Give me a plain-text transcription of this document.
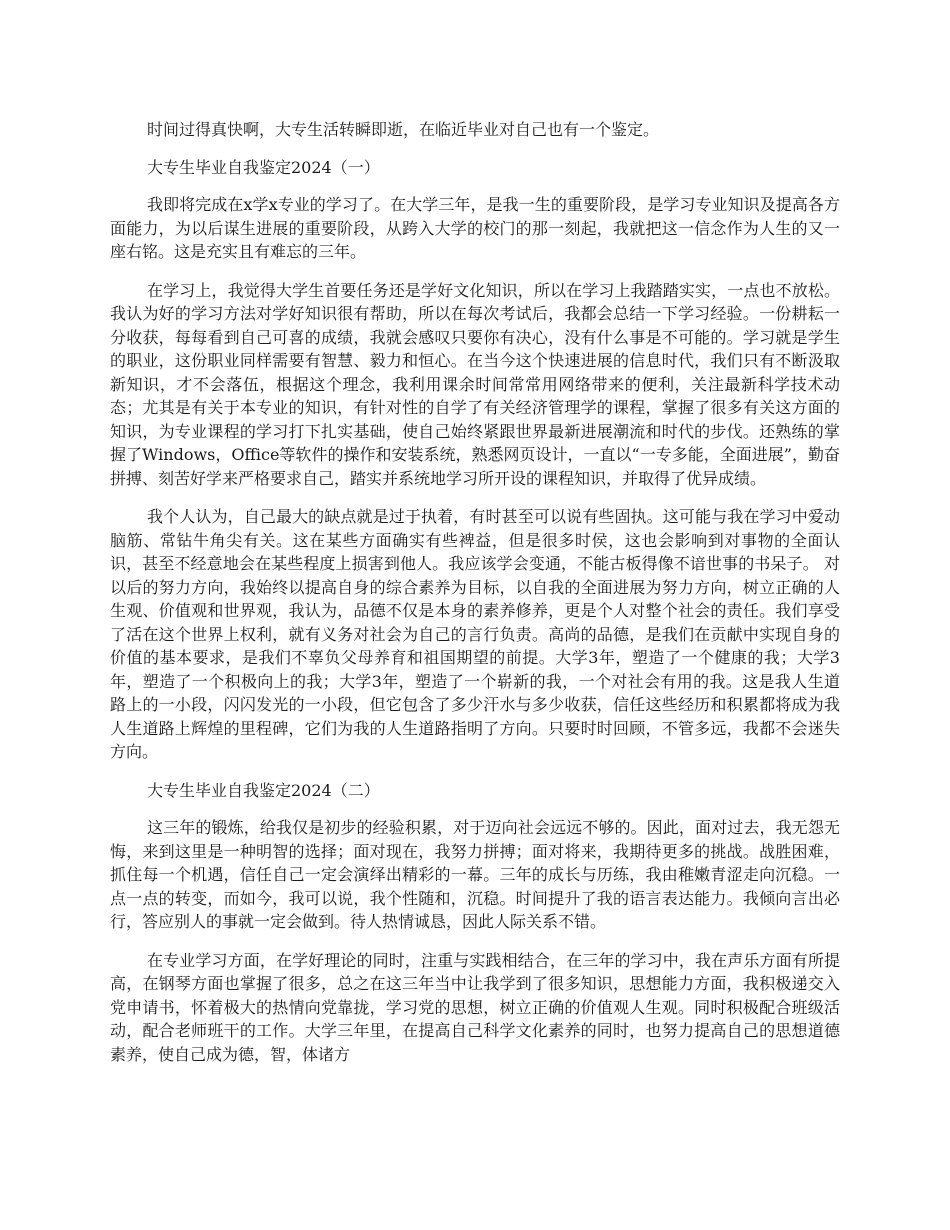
时间过得真快啊，大专生活转瞬即逝，在临近毕业对自己也有一个鉴定。

大专生毕业自我鉴定2024（一）

我即将完成在x学x专业的学习了。在大学三年，是我一生的重要阶段，是学习专业知识及提高各方面能力，为以后谋生进展的重要阶段，从跨入大学的校门的那一刻起，我就把这一信念作为人生的又一座右铭。这是充实且有难忘的三年。

在学习上，我觉得大学生首要任务还是学好文化知识，所以在学习上我踏踏实实，一点也不放松。我认为好的学习方法对学好知识很有帮助，所以在每次考试后，我都会总结一下学习经验。一份耕耘一分收获，每每看到自己可喜的成绩，我就会感叹只要你有决心，没有什么事是不可能的。学习就是学生的职业，这份职业同样需要有智慧、毅力和恒心。在当今这个快速进展的信息时代，我们只有不断汲取新知识，才不会落伍，根据这个理念，我利用课余时间常常用网络带来的便利，关注最新科学技术动态；尤其是有关于本专业的知识，有针对性的自学了有关经济管理学的课程，掌握了很多有关这方面的知识，为专业课程的学习打下扎实基础，使自己始终紧跟世界最新进展潮流和时代的步伐。还熟练的掌握了Windows，Office等软件的操作和安装系统，熟悉网页设计，一直以“一专多能，全面进展”，勤奋拼搏、刻苦好学来严格要求自己，踏实并系统地学习所开设的课程知识，并取得了优异成绩。

我个人认为，自己最大的缺点就是过于执着，有时甚至可以说有些固执。这可能与我在学习中爱动脑筋、常钻牛角尖有关。这在某些方面确实有些裨益，但是很多时侯，这也会影响到对事物的全面认识，甚至不经意地会在某些程度上损害到他人。我应该学会变通，不能古板得像不谙世事的书呆子。 对以后的努力方向，我始终以提高自身的综合素养为目标，以自我的全面进展为努力方向，树立正确的人生观、价值观和世界观，我认为，品德不仅是本身的素养修养，更是个人对整个社会的责任。我们享受了活在这个世界上权利，就有义务对社会为自己的言行负责。高尚的品德，是我们在贡献中实现自身的价值的基本要求，是我们不辜负父母养育和祖国期望的前提。大学3年，塑造了一个健康的我；大学3年，塑造了一个积极向上的我；大学3年，塑造了一个崭新的我，一个对社会有用的我。这是我人生道路上的一小段，闪闪发光的一小段，但它包含了多少汗水与多少收获，信任这些经历和积累都将成为我人生道路上辉煌的里程碑，它们为我的人生道路指明了方向。只要时时回顾，不管多远，我都不会迷失方向。

大专生毕业自我鉴定2024（二）

这三年的锻炼，给我仅是初步的经验积累，对于迈向社会远远不够的。因此，面对过去，我无怨无悔，来到这里是一种明智的选择；面对现在，我努力拼搏；面对将来，我期待更多的挑战。战胜困难，抓住每一个机遇，信任自己一定会演绎出精彩的一幕。三年的成长与历练，我由稚嫩青涩走向沉稳。一点一点的转变，而如今，我可以说，我个性随和，沉稳。时间提升了我的语言表达能力。我倾向言出必行，答应别人的事就一定会做到。待人热情诚恳，因此人际关系不错。

在专业学习方面，在学好理论的同时，注重与实践相结合，在三年的学习中，我在声乐方面有所提高，在钢琴方面也掌握了很多，总之在这三年当中让我学到了很多知识，思想能力方面，我积极递交入党申请书，怀着极大的热情向党靠拢，学习党的思想，树立正确的价值观人生观。同时积极配合班级活动，配合老师班干的工作。大学三年里，在提高自己科学文化素养的同时，也努力提高自己的思想道德素养，使自己成为德，智，体诸方
